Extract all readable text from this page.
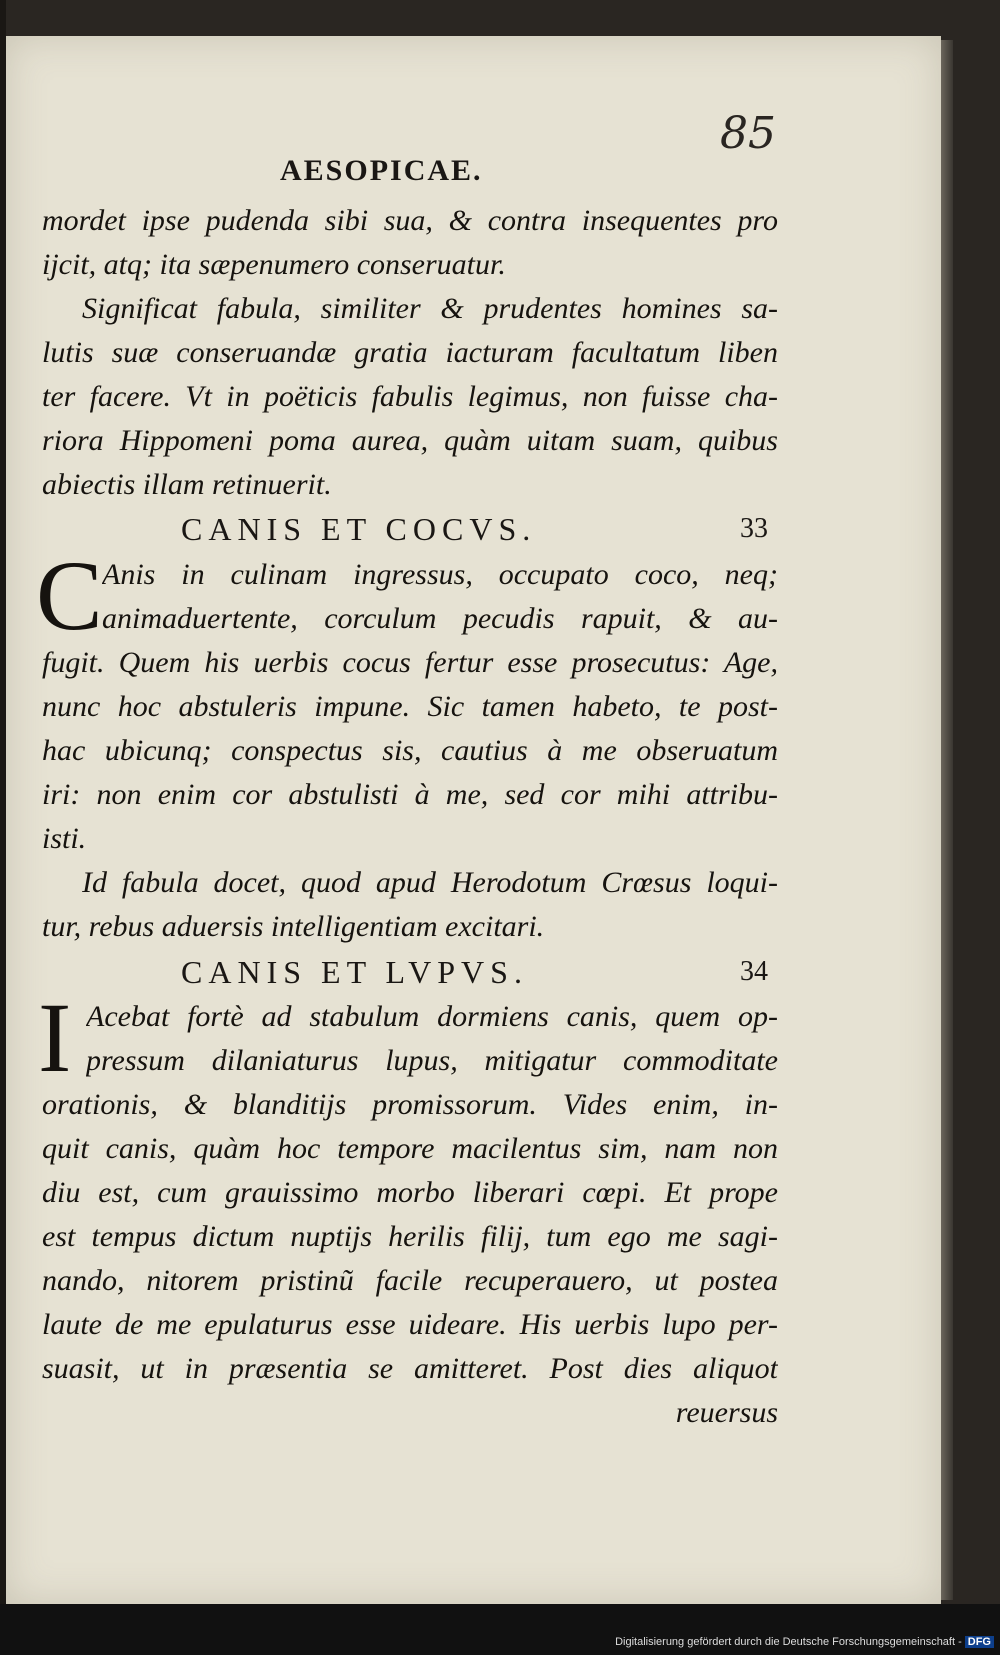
AESOPICAE.
85
mordet ipse pudenda sibi sua, & contra insequentes pro
ijcit, atq; ita sæpenumero conseruatur.
Significat fabula, similiter & prudentes homines sa-
lutis suæ conseruandæ gratia iacturam facultatum liben
ter facere. Vt in poëticis fabulis legimus, non fuisse cha-
riora Hippomeni poma aurea, quàm uitam suam, quibus
abiectis illam retinuerit.
CANIS ET COCVS.	33
C Anis in culinam ingressus, occupato coco, neq;
animaduertente, corculum pecudis rapuit, & au-
fugit. Quem his uerbis cocus fertur esse prosecutus: Age,
nunc hoc abstuleris impune. Sic tamen habeto, te post-
hac ubicunq; conspectus sis, cautius à me obseruatum
iri: non enim cor abstulisti à me, sed cor mihi attribu-
isti.
Id fabula docet, quod apud Herodotum Crœsus loqui-
tur, rebus aduersis intelligentiam excitari.
CANIS ET LVPVS.	34
I Acebat fortè ad stabulum dormiens canis, quem op-
pressum dilaniaturus lupus, mitigatur commoditate
orationis, & blanditijs promissorum. Vides enim, in-
quit canis, quàm hoc tempore macilentus sim, nam non
diu est, cum grauissimo morbo liberari cœpi. Et prope
est tempus dictum nuptijs herilis filij, tum ego me sagi-
nando, nitorem pristinũ facile recuperauero, ut postea
laute de me epulaturus esse uideare. His uerbis lupo per-
suasit, ut in præsentia se amitteret. Post dies aliquot
reuersus
Digitalisierung gefördert durch die Deutsche Forschungsgemeinschaft - DFG
